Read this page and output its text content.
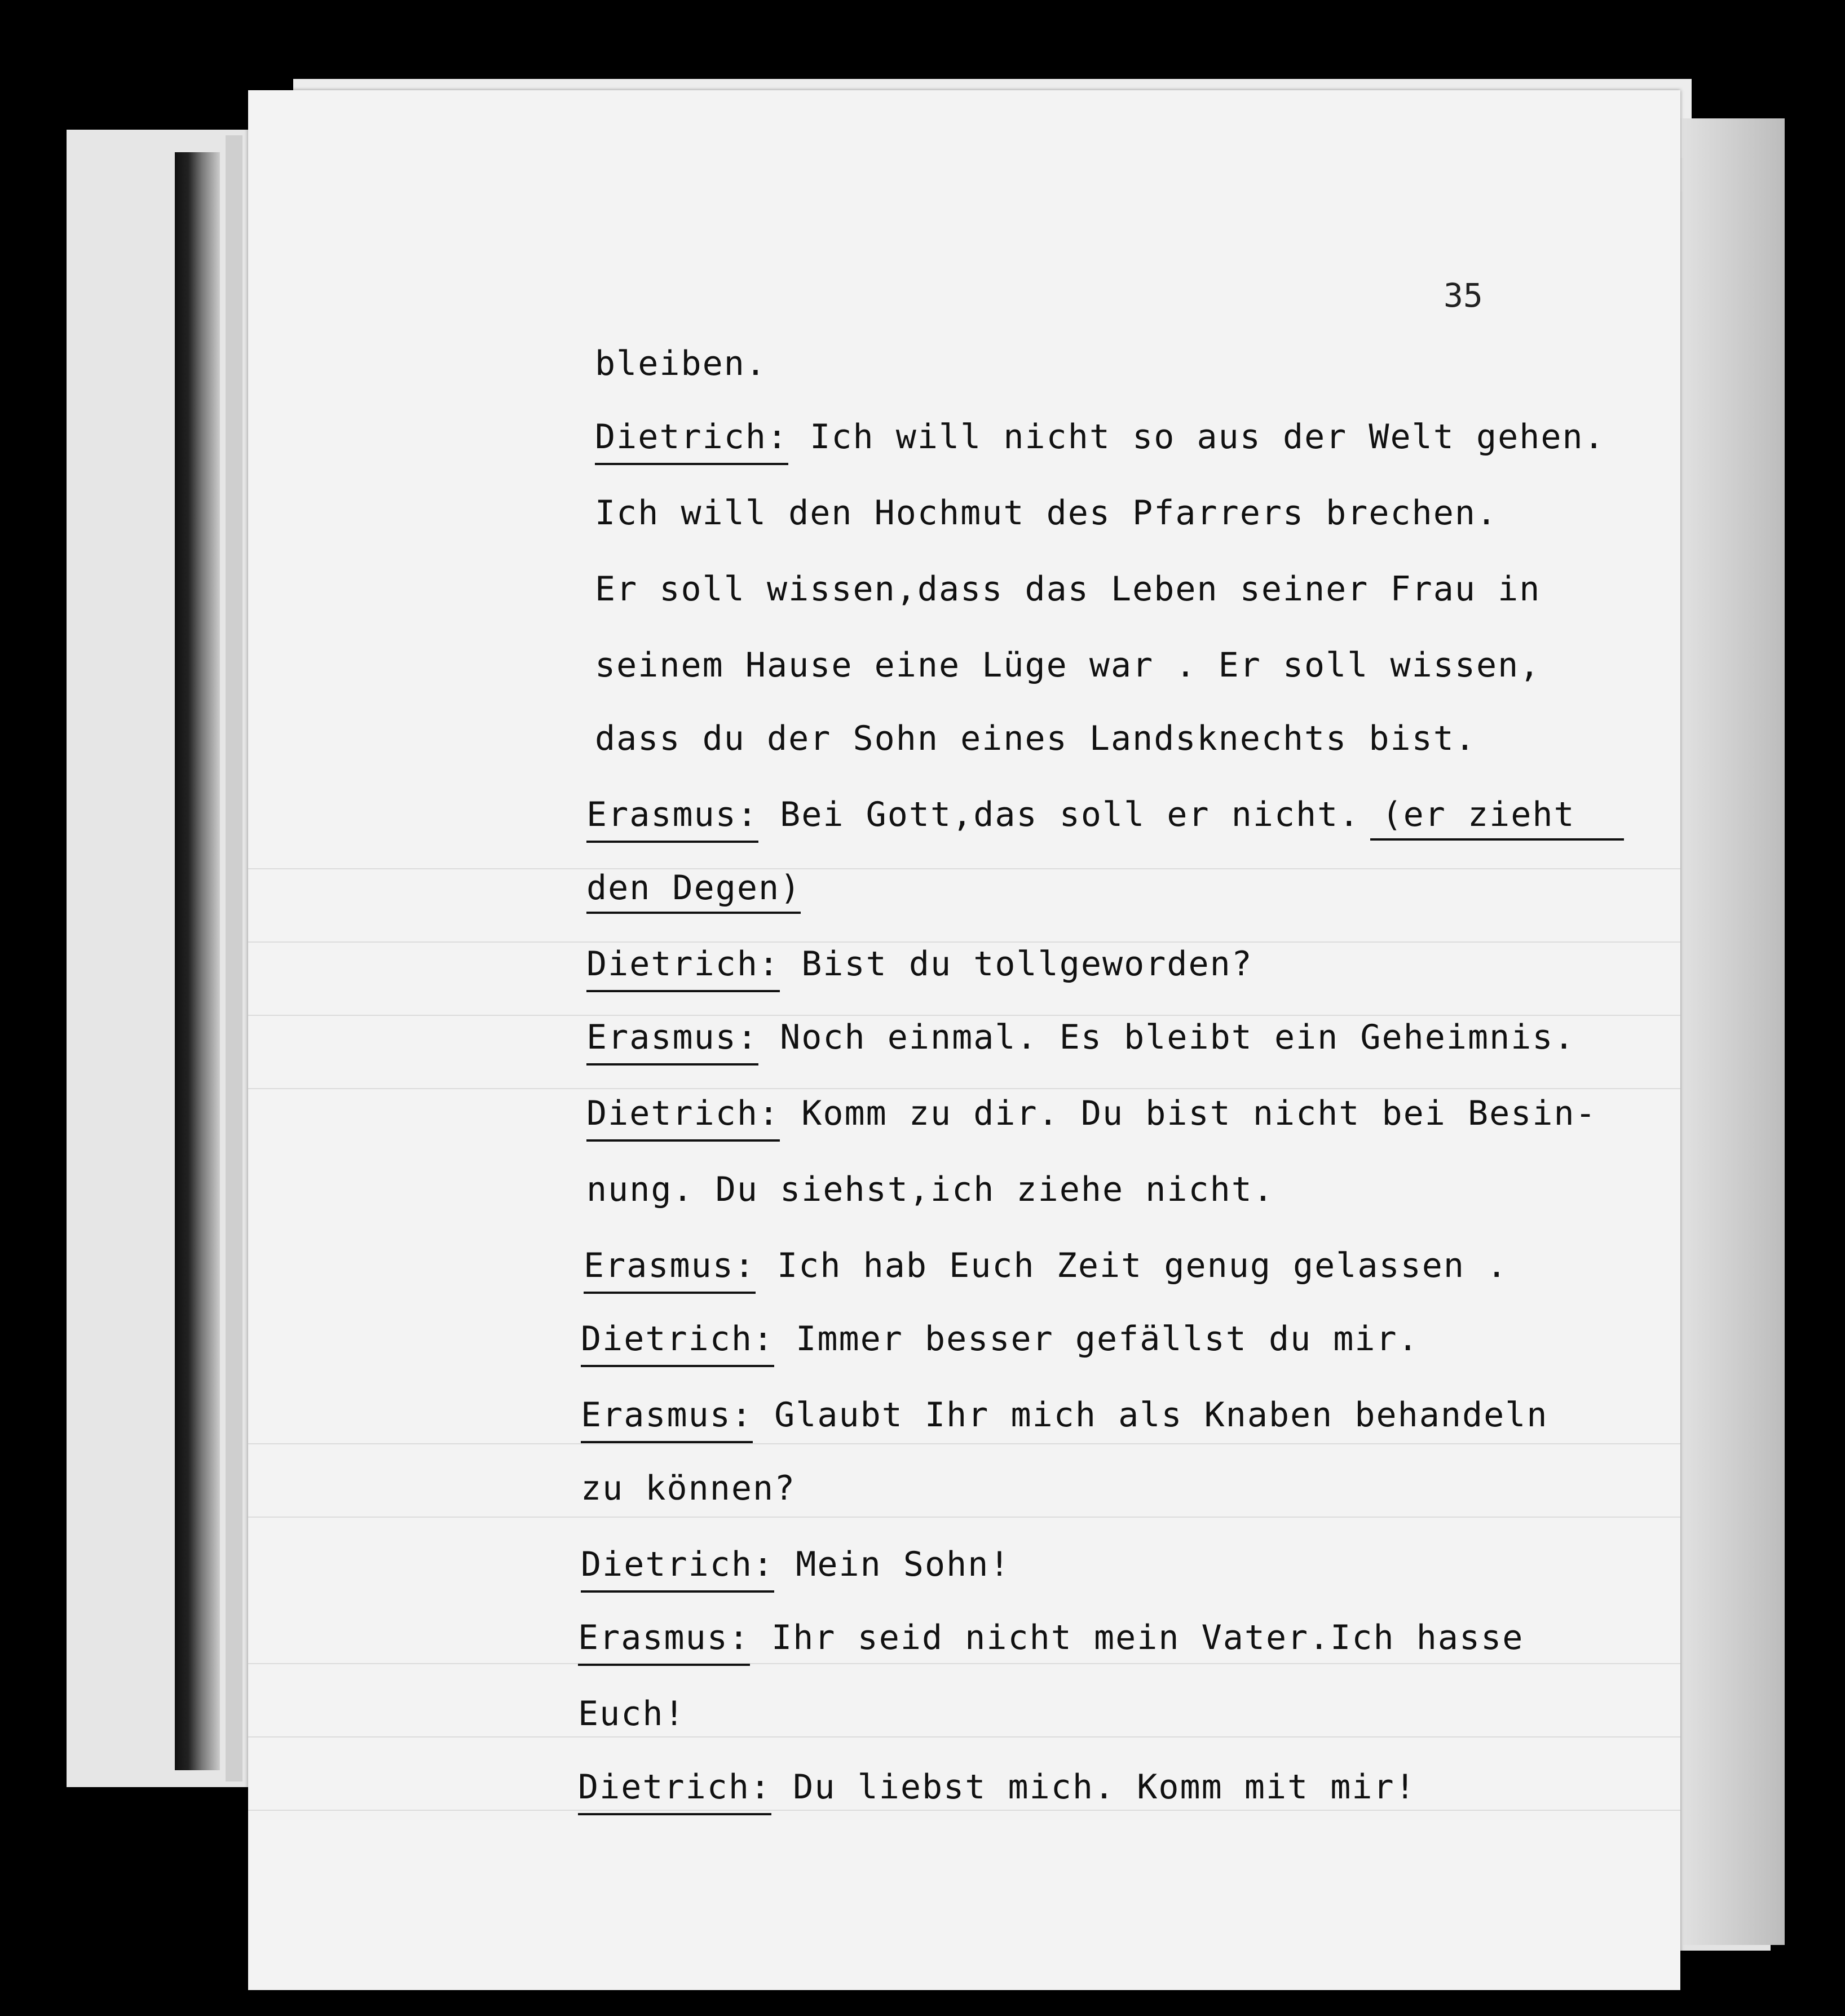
35
bleiben.
Dietrich: Ich will nicht so aus der Welt gehen.
Ich will den Hochmut des Pfarrers brechen.
Er soll wissen,dass das Leben seiner Frau in
seinem Hause eine Lüge war . Er soll wissen,
dass du der Sohn eines Landsknechts bist.
Erasmus: Bei Gott,das soll er nicht. (er zieht
den Degen)
Dietrich: Bist du tollgeworden?
Erasmus: Noch einmal. Es bleibt ein Geheimnis.
Dietrich: Komm zu dir. Du bist nicht bei Besin-
nung. Du siehst,ich ziehe nicht.
Erasmus: Ich hab Euch Zeit genug gelassen .
Dietrich: Immer besser gefällst du mir.
Erasmus: Glaubt Ihr mich als Knaben behandeln
zu können?
Dietrich: Mein Sohn!
Erasmus: Ihr seid nicht mein Vater.Ich hasse
Euch!
Dietrich: Du liebst mich. Komm mit mir!
